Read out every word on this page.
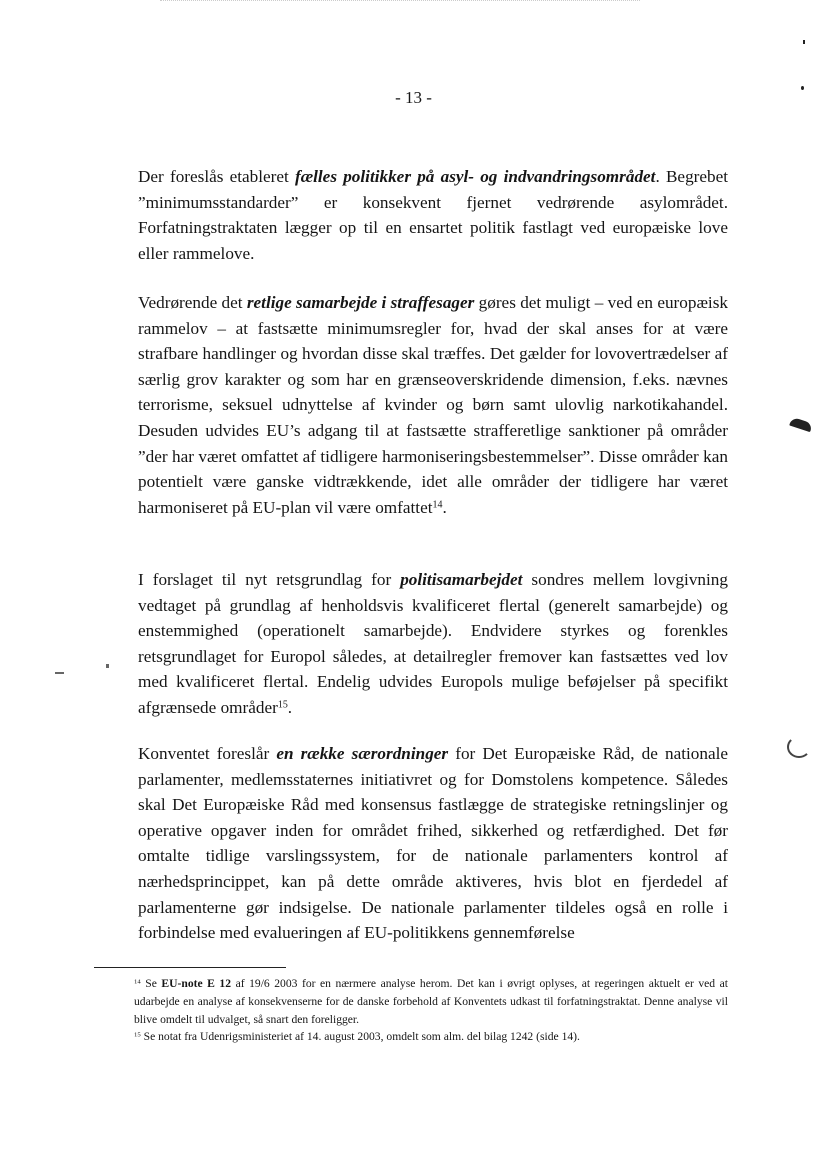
- 13 -

Der foreslås etableret fælles politikker på asyl- og indvandringsområdet. Begrebet ”minimumsstandarder” er konsekvent fjernet vedrørende asylområdet. Forfatningstraktaten lægger op til en ensartet politik fastlagt ved europæiske love eller rammelove.

Vedrørende det retlige samarbejde i straffesager gøres det muligt – ved en europæisk rammelov – at fastsætte minimumsregler for, hvad der skal anses for at være strafbare handlinger og hvordan disse skal træffes. Det gælder for lovovertrædelser af særlig grov karakter og som har en grænseoverskridende dimension, f.eks. nævnes terrorisme, seksuel udnyttelse af kvinder og børn samt ulovlig narkotikahandel. Desuden udvides EU’s adgang til at fastsætte strafferetlige sanktioner på områder ”der har været omfattet af tidligere harmoniseringsbestemmelser”. Disse områder kan potentielt være ganske vidtrækkende, idet alle områder der tidligere har været harmoniseret på EU-plan vil være omfattet$^{14}$.

I forslaget til nyt retsgrundlag for politisamarbejdet sondres mellem lovgivning vedtaget på grundlag af henholdsvis kvalificeret flertal (generelt samarbejde) og enstemmighed (operationelt samarbejde). Endvidere styrkes og forenkles retsgrundlaget for Europol således, at detailregler fremover kan fastsættes ved lov med kvalificeret flertal. Endelig udvides Europols mulige beføjelser på specifikt afgrænsede områder$^{15}$.

Konventet foreslår en række særordninger for Det Europæiske Råd, de nationale parlamenter, medlemsstaternes initiativret og for Domstolens kompetence. Således skal Det Europæiske Råd med konsensus fastlægge de strategiske retningslinjer og operative opgaver inden for området frihed, sikkerhed og retfærdighed. Det før omtalte tidlige varslingssystem, for de nationale parlamenters kontrol af nærhedsprincippet, kan på dette område aktiveres, hvis blot en fjerdedel af parlamenterne gør indsigelse. De nationale parlamenter tildeles også en rolle i forbindelse med evalueringen af EU-politikkens gennemførelse

$^{14}$ Se EU-note E 12 af 19/6 2003 for en nærmere analyse herom. Det kan i øvrigt oplyses, at regeringen aktuelt er ved at udarbejde en analyse af konsekvenserne for de danske forbehold af Konventets udkast til forfatningstraktat. Denne analyse vil blive omdelt til udvalget, så snart den foreligger.

$^{15}$ Se notat fra Udenrigsministeriet af 14. august 2003, omdelt som alm. del bilag 1242 (side 14).
